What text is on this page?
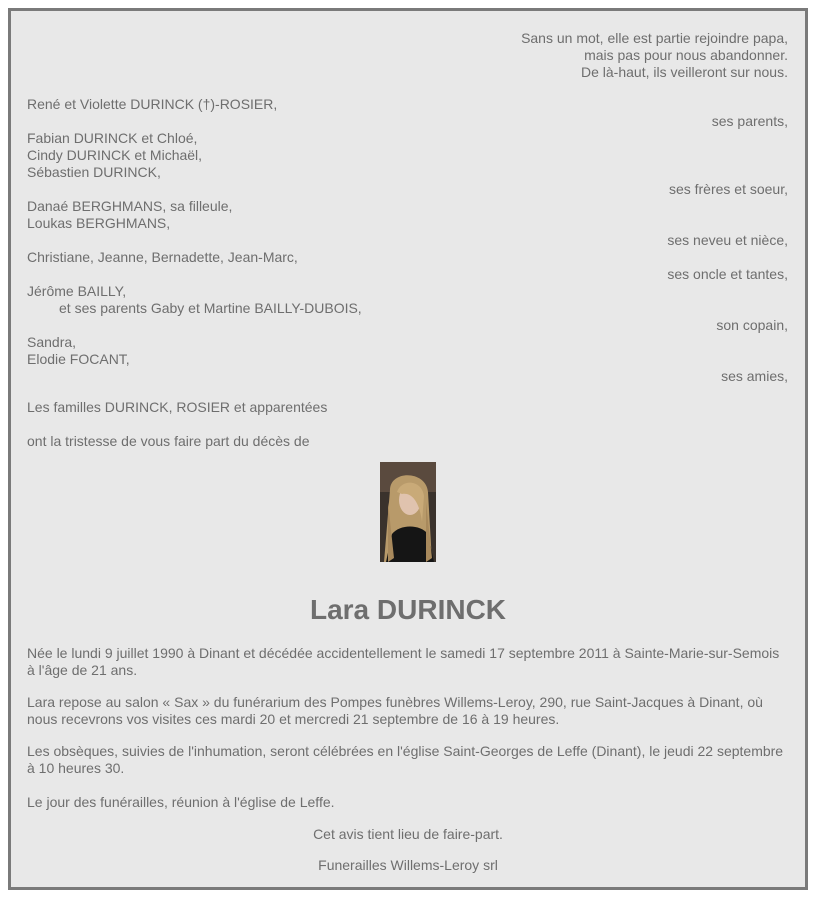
Sans un mot, elle est partie rejoindre papa,
mais pas pour nous abandonner.
De là-haut, ils veilleront sur nous.
René et Violette DURINCK (†)-ROSIER,
ses parents,
Fabian DURINCK et Chloé,
Cindy DURINCK et Michaël,
Sébastien DURINCK,
ses frères et soeur,
Danaé BERGHMANS, sa filleule,
Loukas BERGHMANS,
ses neveu et nièce,
Christiane, Jeanne, Bernadette, Jean-Marc,
ses oncle et tantes,
Jérôme BAILLY,
et ses parents Gaby et Martine BAILLY-DUBOIS,
son copain,
Sandra,
Elodie FOCANT,
ses amies,
Les familles DURINCK, ROSIER et apparentées
ont la tristesse de vous faire part du décès de
Lara DURINCK
Née le lundi 9 juillet 1990 à Dinant et décédée accidentellement le samedi 17 septembre 2011 à Sainte-Marie-sur-Semois à l'âge de 21 ans.
Lara repose au salon « Sax » du funérarium des Pompes funèbres Willems-Leroy, 290, rue Saint-Jacques à Dinant, où nous recevrons vos visites ces mardi 20 et mercredi 21 septembre de 16 à 19 heures.
Les obsèques, suivies de l'inhumation, seront célébrées en l'église Saint-Georges de Leffe (Dinant), le jeudi 22 septembre à 10 heures 30.
Le jour des funérailles, réunion à l'église de Leffe.
Cet avis tient lieu de faire-part.
Funerailles Willems-Leroy srl
